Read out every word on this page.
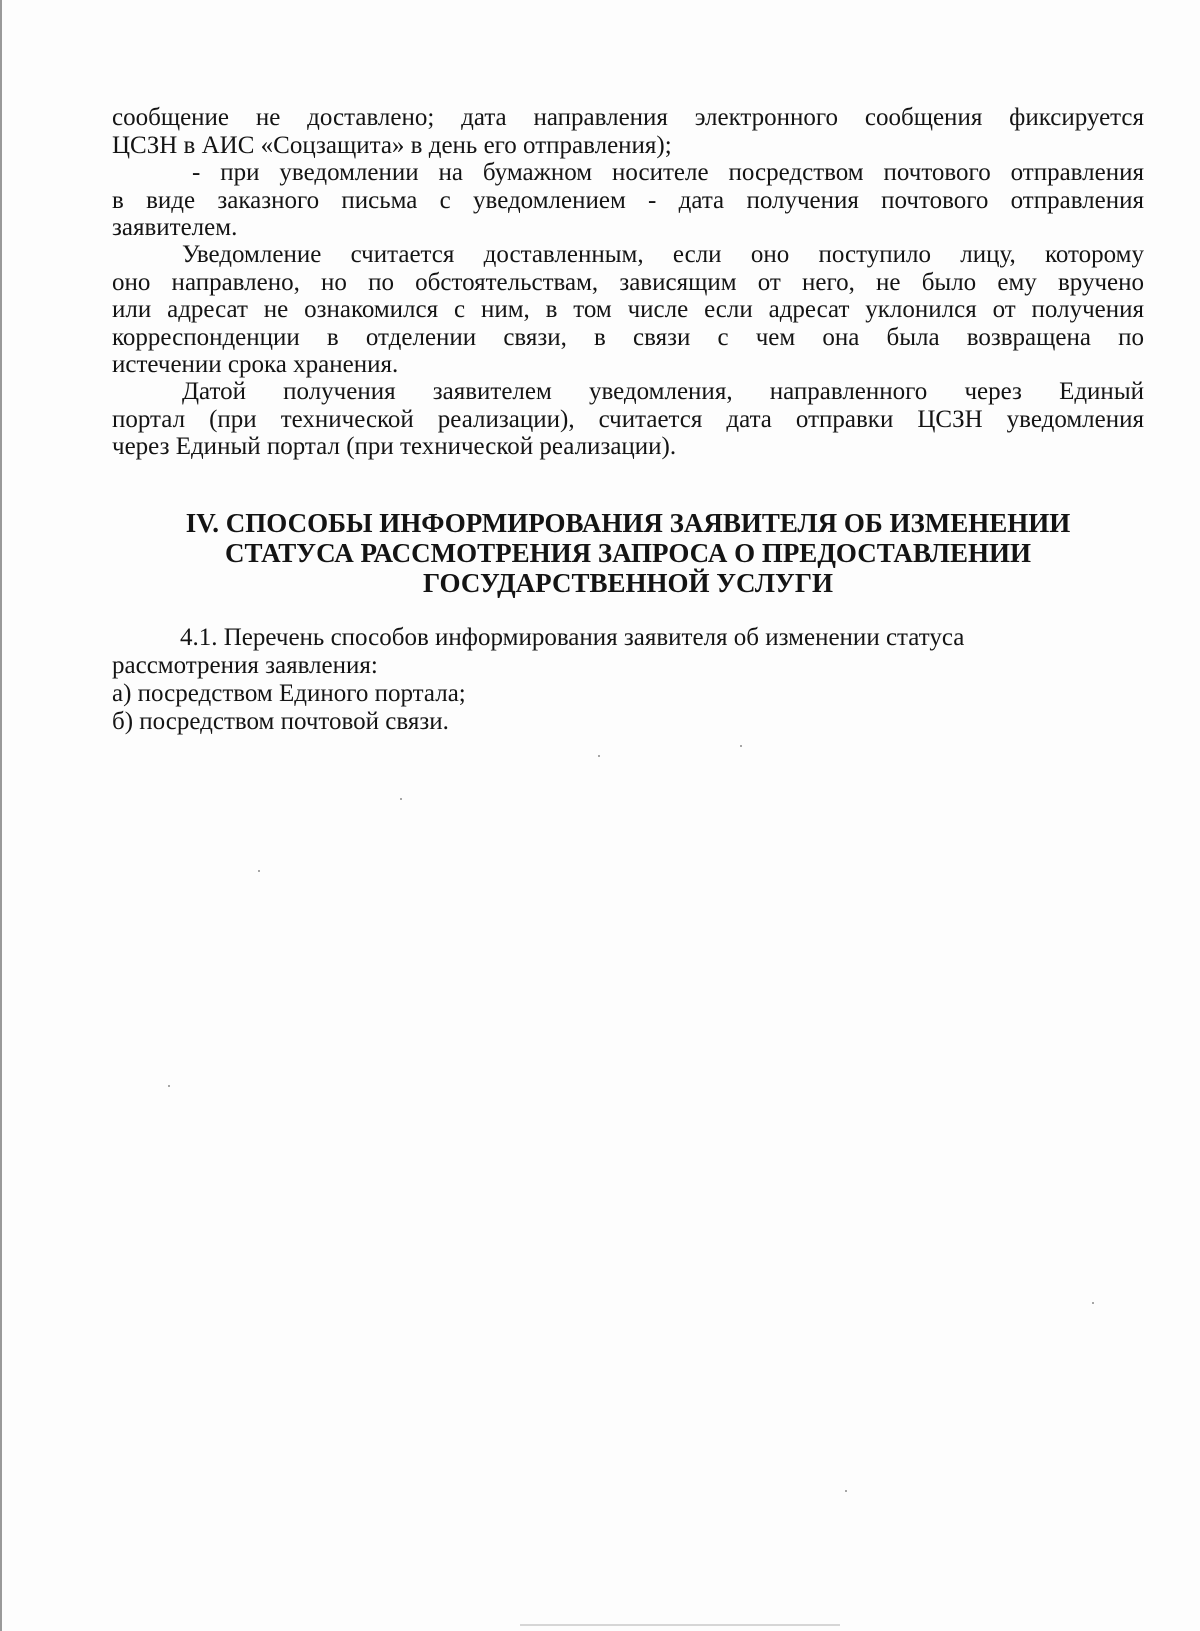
сообщение не доставлено; дата направления электронного сообщения фиксируется
ЦСЗН в АИС «Соцзащита» в день его отправления);
- при уведомлении на бумажном носителе посредством почтового отправления
в виде заказного письма с уведомлением - дата получения почтового отправления
заявителем.
Уведомление считается доставленным, если оно поступило лицу, которому
оно направлено, но по обстоятельствам, зависящим от него, не было ему вручено
или адресат не ознакомился с ним, в том числе если адресат уклонился от получения
корреспонденции в отделении связи, в связи с чем она была возвращена по
истечении срока хранения.
Датой получения заявителем уведомления, направленного через Единый
портал (при технической реализации), считается дата отправки ЦСЗН уведомления
через Единый портал (при технической реализации).
IV. СПОСОБЫ ИНФОРМИРОВАНИЯ ЗАЯВИТЕЛЯ ОБ ИЗМЕНЕНИИ
СТАТУСА РАССМОТРЕНИЯ ЗАПРОСА О ПРЕДОСТАВЛЕНИИ
ГОСУДАРСТВЕННОЙ УСЛУГИ
4.1. Перечень способов информирования заявителя об изменении статуса
рассмотрения заявления:
а) посредством Единого портала;
б) посредством почтовой связи.
